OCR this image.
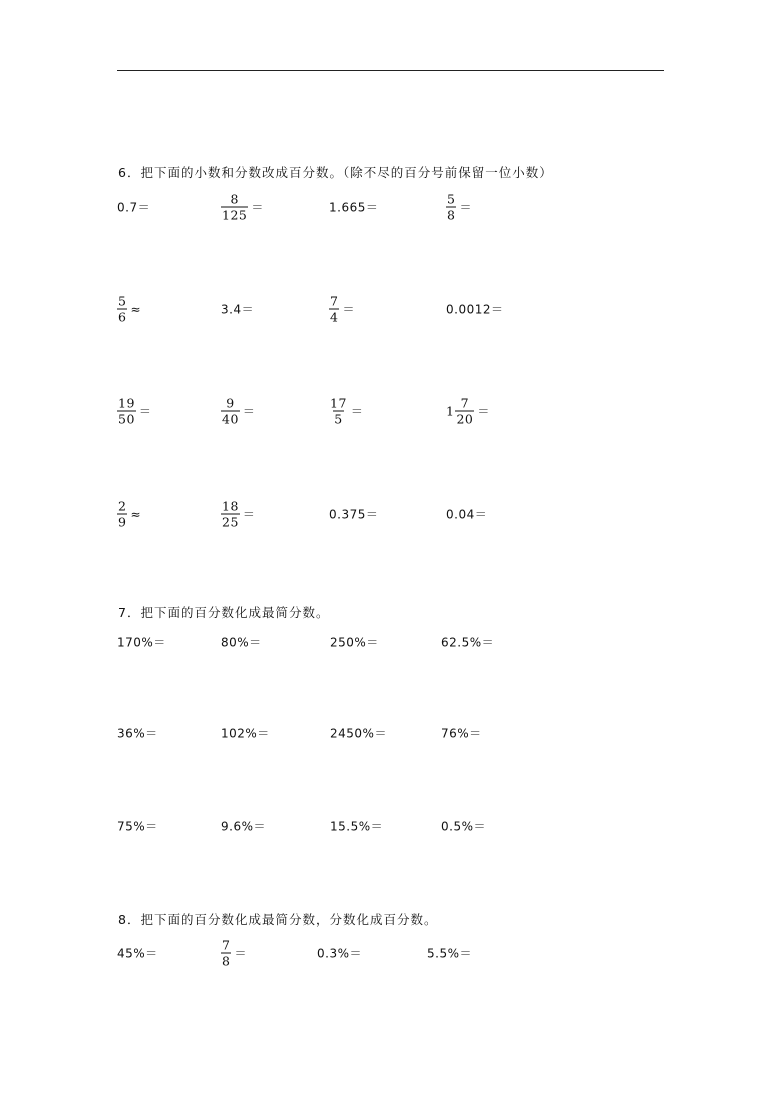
6．把下面的小数和分数改成百分数。（除不尽的百分号前保留一位小数）
7．把下面的百分数化成最简分数。
8．把下面的百分数化成最简分数，分数化成百分数。
0.7＝	$\frac{8}{125}$ ＝	1.665＝	$\frac{5}{8}$ ＝
$\frac{5}{6}$ ≈	3.4＝	$\frac{7}{4}$ ＝	0.0012＝
$\frac{19}{50}$ ＝	$\frac{9}{40}$ ＝	$\frac{17}{5}$ ＝	$1 \frac{7}{20}$ ＝
$\frac{2}{9}$ ≈	$\frac{18}{25}$ ＝	0.375＝	0.04＝
170%＝	80%＝	250%＝	62.5%＝
36%＝	102%＝	2450%＝	76%＝
75%＝	9.6%＝	15.5%＝	0.5%＝
45%＝	$\frac{7}{8}$ ＝	0.3%＝	5.5%＝
